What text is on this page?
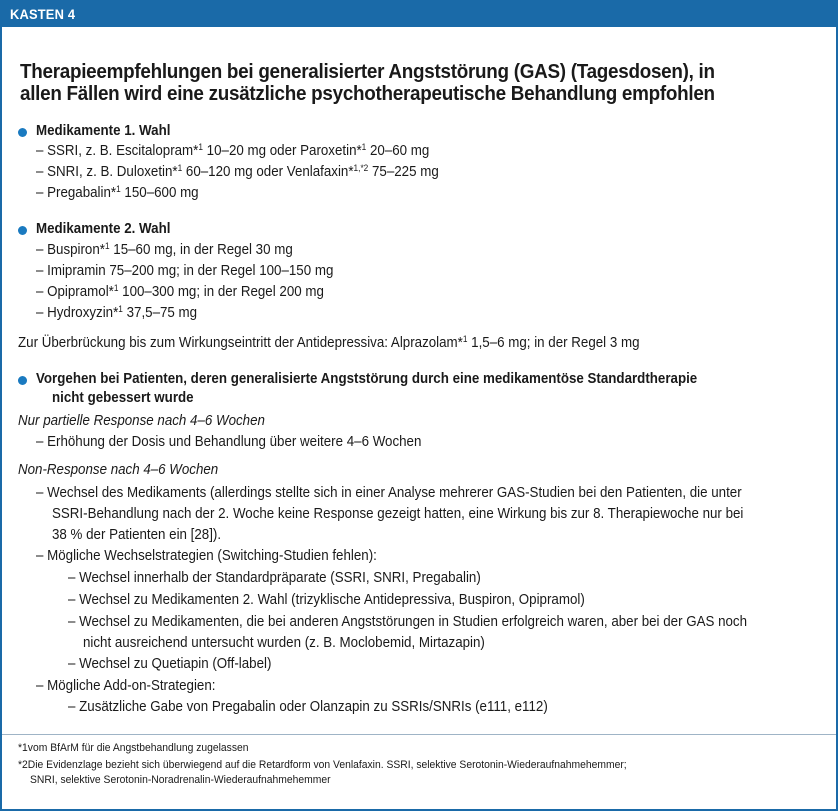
KASTEN 4
Therapieempfehlungen bei generalisierter Angststörung (GAS) (Tagesdosen), in
allen Fällen wird eine zusätzliche psychotherapeutische Behandlung empfohlen
Medikamente 1. Wahl
– SSRI, z. B. Escitalopram*$^1$ 10–20 mg oder Paroxetin*$^1$ 20–60 mg
– SNRI, z. B. Duloxetin*$^1$ 60–120 mg oder Venlafaxin*$^{1,*2}$ 75–225 mg
– Pregabalin*$^1$ 150–600 mg
Medikamente 2. Wahl
– Buspiron*$^1$ 15–60 mg, in der Regel 30 mg
– Imipramin 75–200 mg; in der Regel 100–150 mg
– Opipramol*$^1$ 100–300 mg; in der Regel 200 mg
– Hydroxyzin*$^1$ 37,5–75 mg
Zur Überbrückung bis zum Wirkungseintritt der Antidepressiva: Alprazolam*$^1$ 1,5–6 mg; in der Regel 3 mg
Vorgehen bei Patienten, deren generalisierte Angststörung durch eine medikamentöse Standardtherapie
nicht gebessert wurde
Nur partielle Response nach 4–6 Wochen
– Erhöhung der Dosis und Behandlung über weitere 4–6 Wochen
Non-Response nach 4–6 Wochen
– Wechsel des Medikaments (allerdings stellte sich in einer Analyse mehrerer GAS-Studien bei den Patienten, die unter
SSRI-Behandlung nach der 2. Woche keine Response gezeigt hatten, eine Wirkung bis zur 8. Therapiewoche nur bei
38 % der Patienten ein [28]).
– Mögliche Wechselstrategien (Switching-Studien fehlen):
– Wechsel innerhalb der Standardpräparate (SSRI, SNRI, Pregabalin)
– Wechsel zu Medikamenten 2. Wahl (trizyklische Antidepressiva, Buspiron, Opipramol)
– Wechsel zu Medikamenten, die bei anderen Angststörungen in Studien erfolgreich waren, aber bei der GAS noch
nicht ausreichend untersucht wurden (z. B. Moclobemid, Mirtazapin)
– Wechsel zu Quetiapin (Off-label)
– Mögliche Add-on-Strategien:
– Zusätzliche Gabe von Pregabalin oder Olanzapin zu SSRIs/SNRIs (e111, e112)
*1vom BfArM für die Angstbehandlung zugelassen
*2Die Evidenzlage bezieht sich überwiegend auf die Retardform von Venlafaxin. SSRI, selektive Serotonin-Wiederaufnahmehemmer;
SNRI, selektive Serotonin-Noradrenalin-Wiederaufnahmehemmer
